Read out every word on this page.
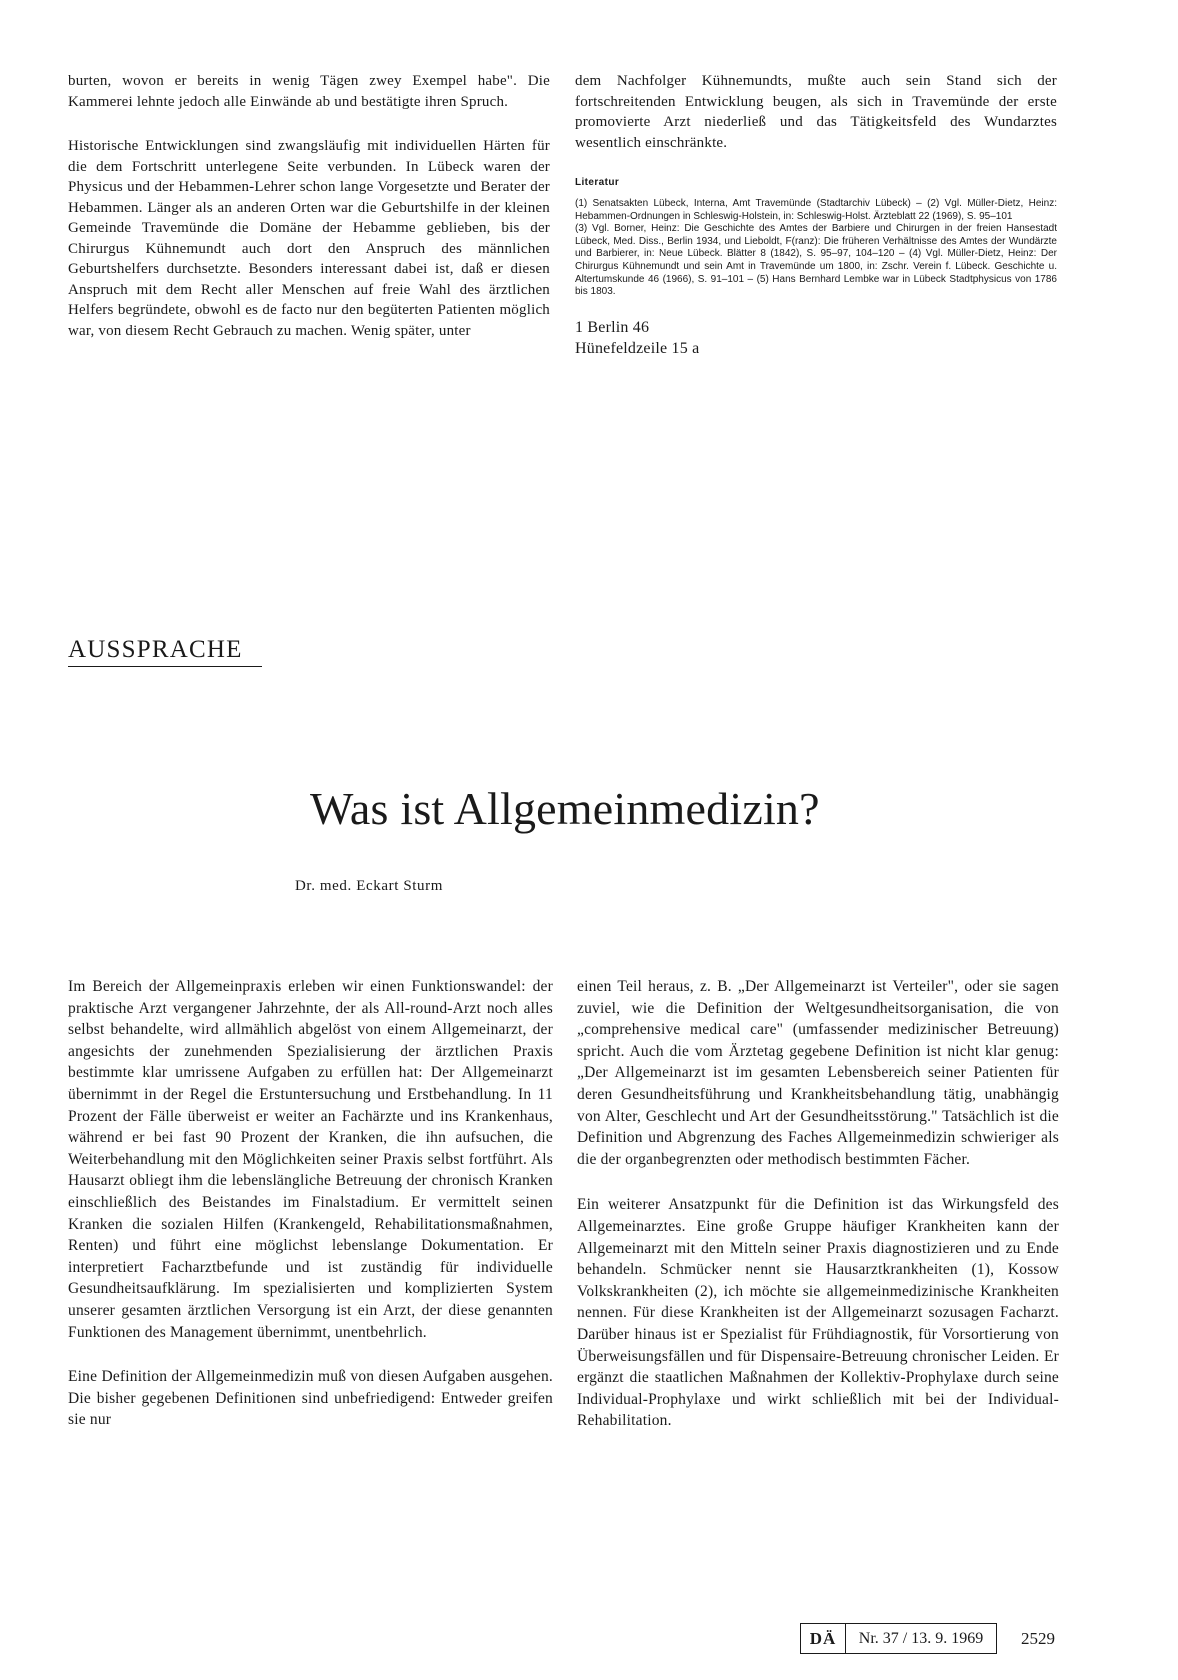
burten, wovon er bereits in wenig Tägen zwey Exempel habe". Die Kammerei lehnte jedoch alle Einwände ab und bestätigte ihren Spruch.

Historische Entwicklungen sind zwangsläufig mit individuellen Härten für die dem Fortschritt unterlegene Seite verbunden. In Lübeck waren der Physicus und der Hebammen-Lehrer schon lange Vorgesetzte und Berater der Hebammen. Länger als an anderen Orten war die Geburtshilfe in der kleinen Gemeinde Travemünde die Domäne der Hebamme geblieben, bis der Chirurgus Kühnemundt auch dort den Anspruch des männlichen Geburtshelfers durchsetzte. Besonders interessant dabei ist, daß er diesen Anspruch mit dem Recht aller Menschen auf freie Wahl des ärztlichen Helfers begründete, obwohl es de facto nur den begüterten Patienten möglich war, von diesem Recht Gebrauch zu machen. Wenig später, unter

dem Nachfolger Kühnemundts, mußte auch sein Stand sich der fortschreitenden Entwicklung beugen, als sich in Travemünde der erste promovierte Arzt niederließ und das Tätigkeitsfeld des Wundarztes wesentlich einschränkte.

Literatur

(1) Senatsakten Lübeck, Interna, Amt Travemünde (Stadtarchiv Lübeck) – (2) Vgl. Müller-Dietz, Heinz: Hebammen-Ordnungen in Schleswig-Holstein, in: Schleswig-Holst. Ärzteblatt 22 (1969), S. 95–101

(3) Vgl. Borner, Heinz: Die Geschichte des Amtes der Barbiere und Chirurgen in der freien Hansestadt Lübeck, Med. Diss., Berlin 1934, und Lieboldt, F(ranz): Die früheren Verhältnisse des Amtes der Wundärzte und Barbierer, in: Neue Lübeck. Blätter 8 (1842), S. 95–97, 104–120 – (4) Vgl. Müller-Dietz, Heinz: Der Chirurgus Kühnemundt und sein Amt in Travemünde um 1800, in: Zschr. Verein f. Lübeck. Geschichte u. Altertumskunde 46 (1966), S. 91–101 – (5) Hans Bernhard Lembke war in Lübeck Stadtphysicus von 1786 bis 1803.

1 Berlin 46
Hünefeldzeile 15 a
AUSSPRACHE
Was ist Allgemeinmedizin?
Dr. med. Eckart Sturm

Im Bereich der Allgemeinpraxis erleben wir einen Funktionswandel: der praktische Arzt vergangener Jahrzehnte, der als All-round-Arzt noch alles selbst behandelte, wird allmählich abgelöst von einem Allgemeinarzt, der angesichts der zunehmenden Spezialisierung der ärztlichen Praxis bestimmte klar umrissene Aufgaben zu erfüllen hat: Der Allgemeinarzt übernimmt in der Regel die Erstuntersuchung und Erstbehandlung. In 11 Prozent der Fälle überweist er weiter an Fachärzte und ins Krankenhaus, während er bei fast 90 Prozent der Kranken, die ihn aufsuchen, die Weiterbehandlung mit den Möglichkeiten seiner Praxis selbst fortführt. Als Hausarzt obliegt ihm die lebenslängliche Betreuung der chronisch Kranken einschließlich des Beistandes im Finalstadium. Er vermittelt seinen Kranken die sozialen Hilfen (Krankengeld, Rehabilitationsmaßnahmen, Renten) und führt eine möglichst lebenslange Dokumentation. Er interpretiert Facharztbefunde und ist zuständig für individuelle Gesundheitsaufklärung. Im spezialisierten und komplizierten System unserer gesamten ärztlichen Versorgung ist ein Arzt, der diese genannten Funktionen des Management übernimmt, unentbehrlich.

Eine Definition der Allgemeinmedizin muß von diesen Aufgaben ausgehen. Die bisher gegebenen Definitionen sind unbefriedigend: Entweder greifen sie nur

einen Teil heraus, z. B. „Der Allgemeinarzt ist Verteiler", oder sie sagen zuviel, wie die Definition der Weltgesundheitsorganisation, die von „comprehensive medical care" (umfassender medizinischer Betreuung) spricht. Auch die vom Ärztetag gegebene Definition ist nicht klar genug: „Der Allgemeinarzt ist im gesamten Lebensbereich seiner Patienten für deren Gesundheitsführung und Krankheitsbehandlung tätig, unabhängig von Alter, Geschlecht und Art der Gesundheitsstörung." Tatsächlich ist die Definition und Abgrenzung des Faches Allgemeinmedizin schwieriger als die der organbegrenzten oder methodisch bestimmten Fächer.

Ein weiterer Ansatzpunkt für die Definition ist das Wirkungsfeld des Allgemeinarztes. Eine große Gruppe häufiger Krankheiten kann der Allgemeinarzt mit den Mitteln seiner Praxis diagnostizieren und zu Ende behandeln. Schmücker nennt sie Hausarztkrankheiten (1), Kossow Volkskrankheiten (2), ich möchte sie allgemeinmedizinische Krankheiten nennen. Für diese Krankheiten ist der Allgemeinarzt sozusagen Facharzt. Darüber hinaus ist er Spezialist für Frühdiagnostik, für Vorsortierung von Überweisungsfällen und für Dispensaire-Betreuung chronischer Leiden. Er ergänzt die staatlichen Maßnahmen der Kollektiv-Prophylaxe durch seine Individual-Prophylaxe und wirkt schließlich mit bei der Individual-Rehabilitation.

DÄ	Nr. 37 / 13. 9. 1969	2529
